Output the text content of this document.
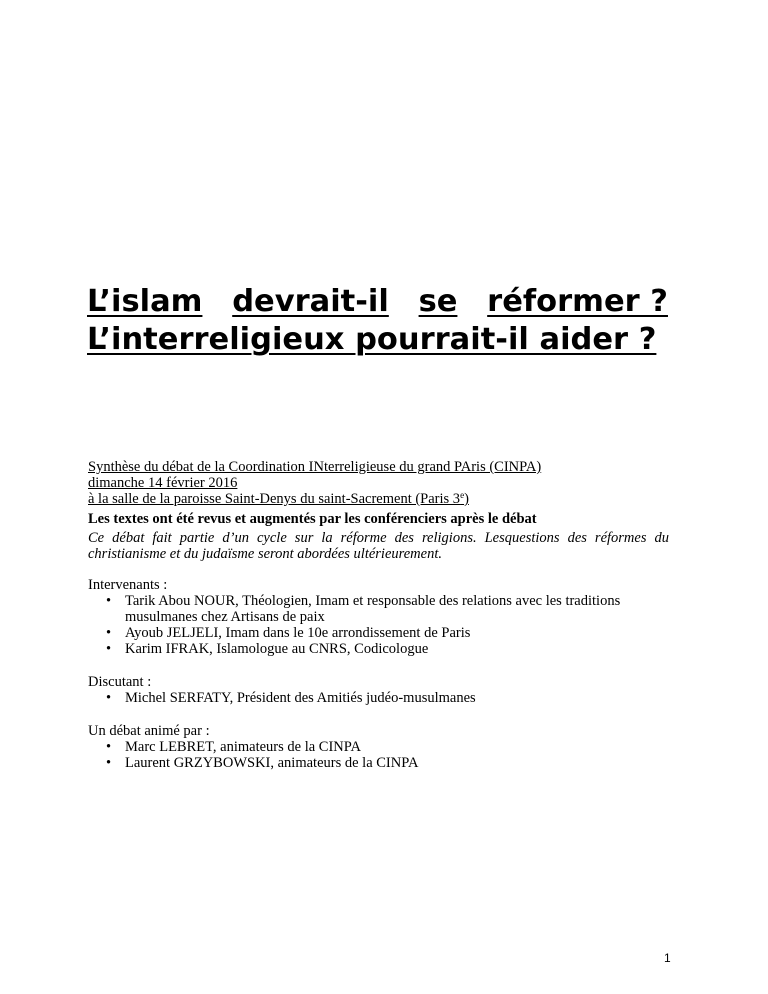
L’islam devrait-il se réformer ?
L’interreligieux pourrait-il aider ?
Synthèse du débat de la Coordination INterreligieuse du grand PAris (CINPA)
dimanche 14 février 2016
à la salle de la paroisse Saint-Denys du saint-Sacrement (Paris 3e)
Les textes ont été revus et augmentés par les conférenciers après le débat
Ce débat fait partie d’un cycle sur la réforme des religions. Lesquestions des réformes du christianisme et du judaïsme seront abordées ultérieurement.
Intervenants :
• Tarik Abou NOUR, Théologien, Imam et responsable des relations avec les traditions musulmanes chez Artisans de paix
• Ayoub JELJELI, Imam dans le 10e arrondissement de Paris
• Karim IFRAK, Islamologue au CNRS, Codicologue
Discutant :
• Michel SERFATY, Président des Amitiés judéo-musulmanes
Un débat animé par :
• Marc LEBRET, animateurs de la CINPA
• Laurent GRZYBOWSKI, animateurs de la CINPA
1
